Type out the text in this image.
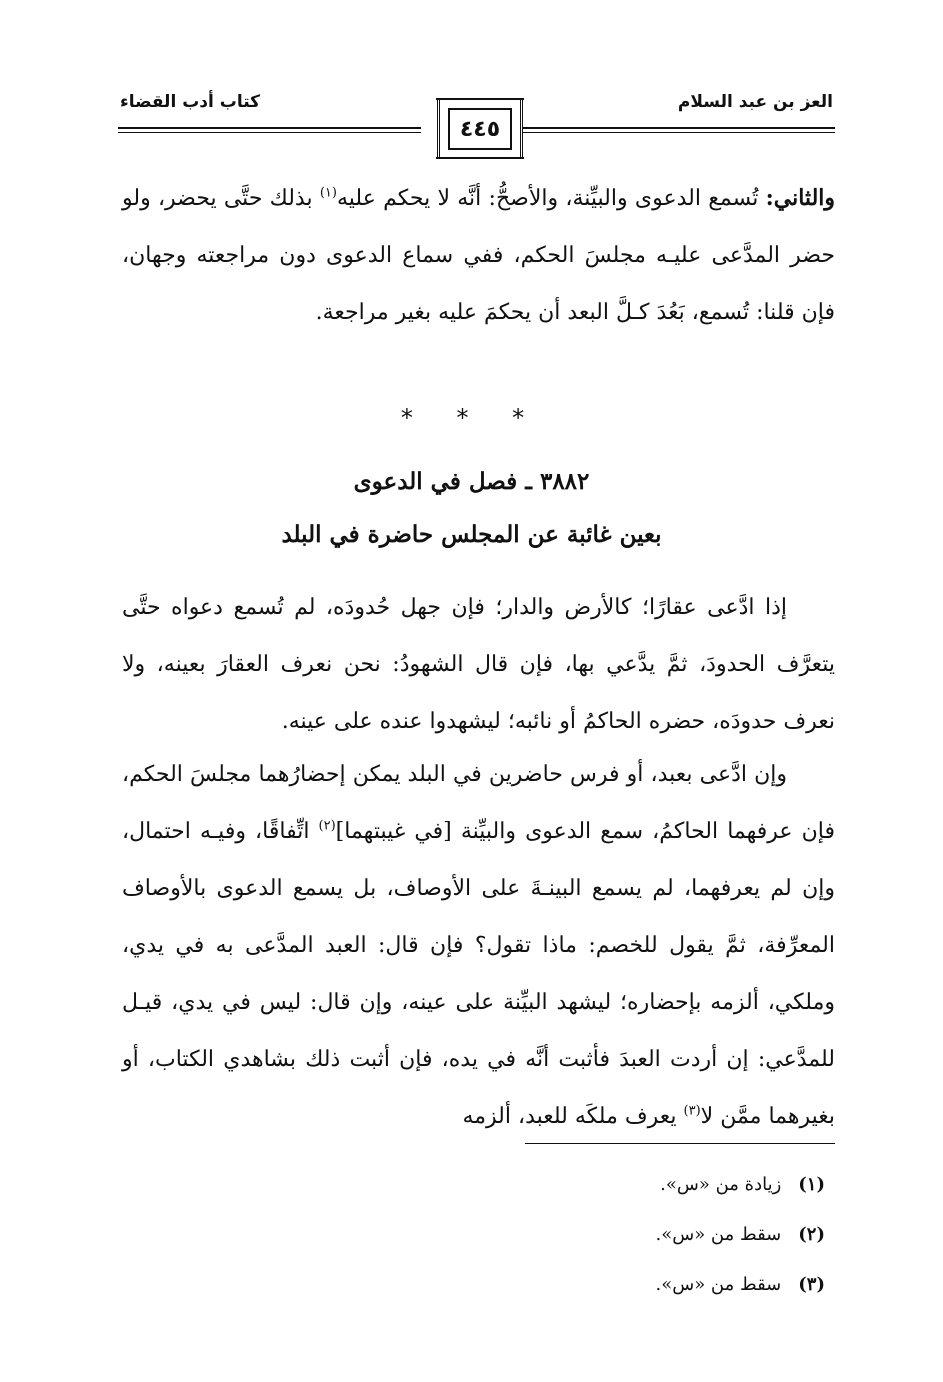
العز بن عبد السلام
كتاب أدب القضاء
٤٤٥
والثاني: تُسمع الدعوى والبيِّنة، والأصحُّ: أنَّه لا يحكم عليه$^{(١)}$ بذلك حتَّى يحضر، ولو حضر المدَّعى عليـه مجلسَ الحكم، ففي سماع الدعوى دون مراجعته وجهان، فإن قلنا: تُسمع، بَعُدَ كـلَّ البعد أن يحكمَ عليه بغير مراجعة.
* * *
٣٨٨٢ ـ فصل في الدعوى
بعين غائبة عن المجلس حاضرة في البلد
إذا ادَّعى عقارًا؛ كالأرض والدار؛ فإن جهل حُدودَه، لم تُسمع دعواه حتَّى يتعرَّف الحدودَ، ثمَّ يدَّعي بها، فإن قال الشهودُ: نحن نعرف العقارَ بعينه، ولا نعرف حدودَه، حضره الحاكمُ أو نائبه؛ ليشهدوا عنده على عينه.
وإن ادَّعى بعبد، أو فرس حاضرين في البلد يمكن إحضارُهما مجلسَ الحكم، فإن عرفهما الحاكمُ، سمع الدعوى والبيِّنة [في غيبتهما]$^{(٢)}$ اتِّفاقًا، وفيـه احتمال، وإن لم يعرفهما، لم يسمع البينـةَ على الأوصاف، بل يسمع الدعوى بالأوصاف المعرِّفة، ثمَّ يقول للخصم: ماذا تقول؟ فإن قال: العبد المدَّعى به في يدي، وملكي، ألزمه بإحضاره؛ ليشهد البيِّنة على عينه، وإن قال: ليس في يدي، قيـل للمدَّعي: إن أردت العبدَ فأثبت أنَّه في يده، فإن أثبت ذلك بشاهدي الكتاب، أو بغيرهما ممَّن لا$^{(٣)}$ يعرف ملكَه للعبد، ألزمه
(١) زيادة من «س».
(٢) سقط من «س».
(٣) سقط من «س».
